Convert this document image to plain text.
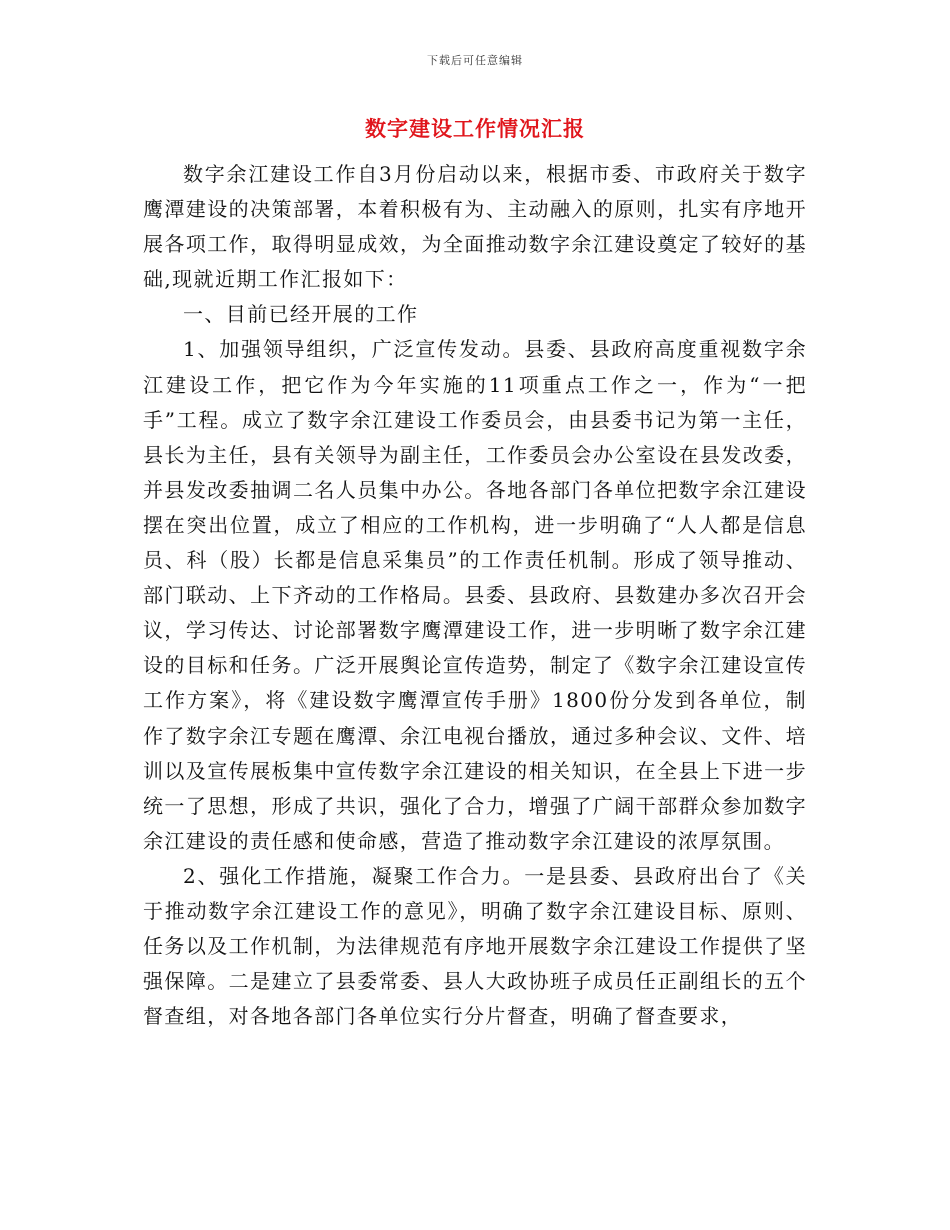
下载后可任意编辑
数字建设工作情况汇报

数字余江建设工作自3月份启动以来，根据市委、市政府关于数字鹰潭建设的决策部署，本着积极有为、主动融入的原则，扎实有序地开展各项工作，取得明显成效，为全面推动数字余江建设奠定了较好的基础,现就近期工作汇报如下：

一、目前已经开展的工作

1、加强领导组织，广泛宣传发动。县委、县政府高度重视数字余江建设工作，把它作为今年实施的11项重点工作之一，作为“一把手”工程。成立了数字余江建设工作委员会，由县委书记为第一主任，县长为主任，县有关领导为副主任，工作委员会办公室设在县发改委，并县发改委抽调二名人员集中办公。各地各部门各单位把数字余江建设摆在突出位置，成立了相应的工作机构，进一步明确了“人人都是信息员、科（股）长都是信息采集员”的工作责任机制。形成了领导推动、部门联动、上下齐动的工作格局。县委、县政府、县数建办多次召开会议，学习传达、讨论部署数字鹰潭建设工作，进一步明晰了数字余江建设的目标和任务。广泛开展舆论宣传造势，制定了《数字余江建设宣传工作方案》，将《建设数字鹰潭宣传手册》1800份分发到各单位，制作了数字余江专题在鹰潭、余江电视台播放，通过多种会议、文件、培训以及宣传展板集中宣传数字余江建设的相关知识，在全县上下进一步统一了思想，形成了共识，强化了合力，增强了广阔干部群众参加数字余江建设的责任感和使命感，营造了推动数字余江建设的浓厚氛围。

2、强化工作措施，凝聚工作合力。一是县委、县政府出台了《关于推动数字余江建设工作的意见》，明确了数字余江建设目标、原则、任务以及工作机制，为法律规范有序地开展数字余江建设工作提供了坚强保障。二是建立了县委常委、县人大政协班子成员任正副组长的五个督查组，对各地各部门各单位实行分片督查，明确了督查要求，
